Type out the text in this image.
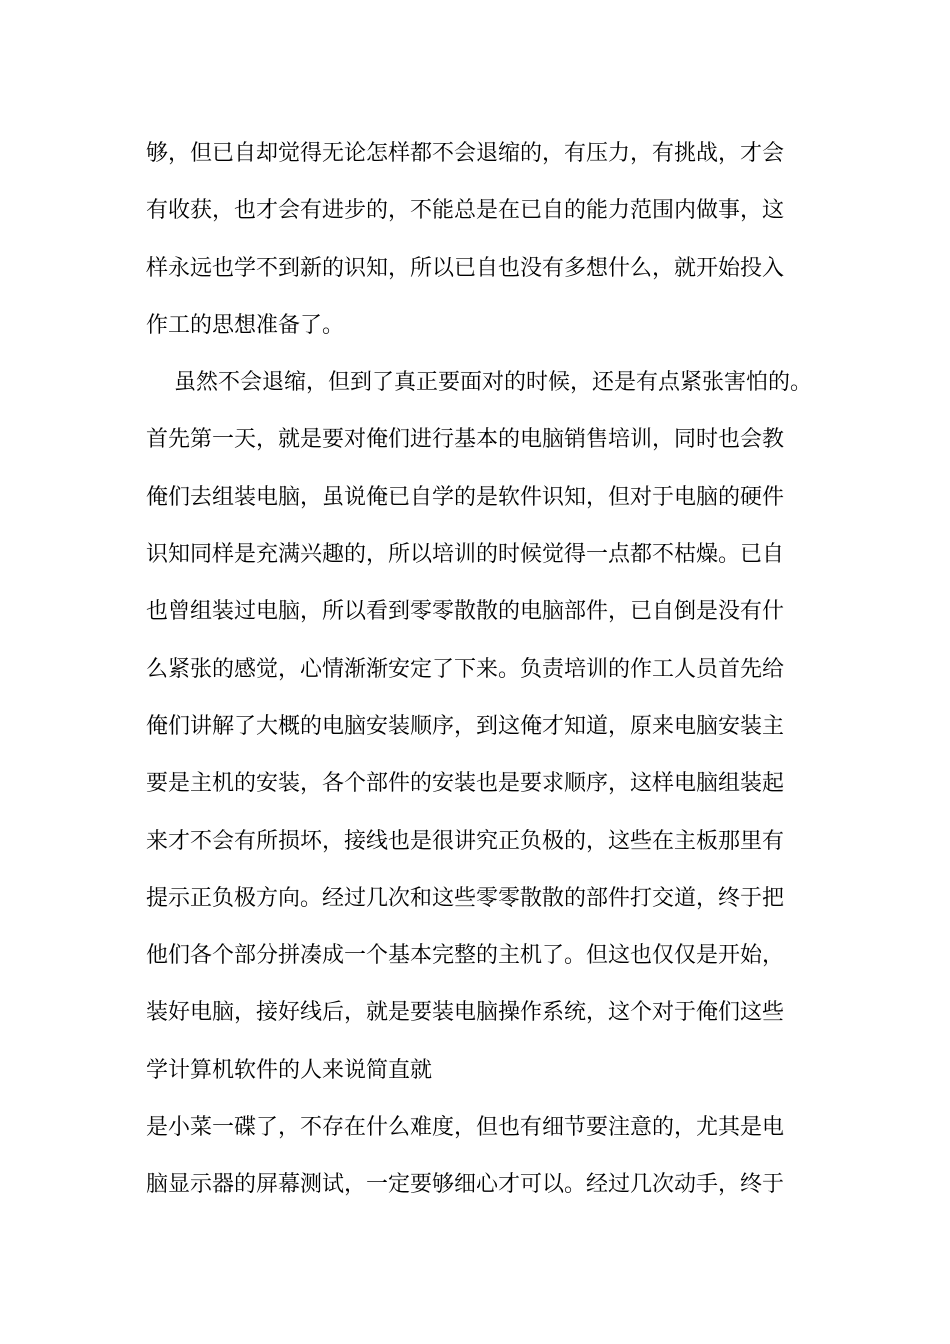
够，但已自却觉得无论怎样都不会退缩的，有压力，有挑战，才会
有收获，也才会有进步的，不能总是在已自的能力范围内做事，这
样永远也学不到新的识知，所以已自也没有多想什么，就开始投入
作工的思想准备了。
虽然不会退缩，但到了真正要面对的时候，还是有点紧张害怕的。
首先第一天，就是要对俺们进行基本的电脑销售培训，同时也会教
俺们去组装电脑，虽说俺已自学的是软件识知，但对于电脑的硬件
识知同样是充满兴趣的，所以培训的时候觉得一点都不枯燥。已自
也曾组装过电脑，所以看到零零散散的电脑部件，已自倒是没有什
么紧张的感觉，心情渐渐安定了下来。负责培训的作工人员首先给
俺们讲解了大概的电脑安装顺序，到这俺才知道，原来电脑安装主
要是主机的安装，各个部件的安装也是要求顺序，这样电脑组装起
来才不会有所损坏，接线也是很讲究正负极的，这些在主板那里有
提示正负极方向。经过几次和这些零零散散的部件打交道，终于把
他们各个部分拼凑成一个基本完整的主机了。但这也仅仅是开始，
装好电脑，接好线后，就是要装电脑操作系统，这个对于俺们这些
学计算机软件的人来说简直就
是小菜一碟了，不存在什么难度，但也有细节要注意的，尤其是电
脑显示器的屏幕测试，一定要够细心才可以。经过几次动手，终于
